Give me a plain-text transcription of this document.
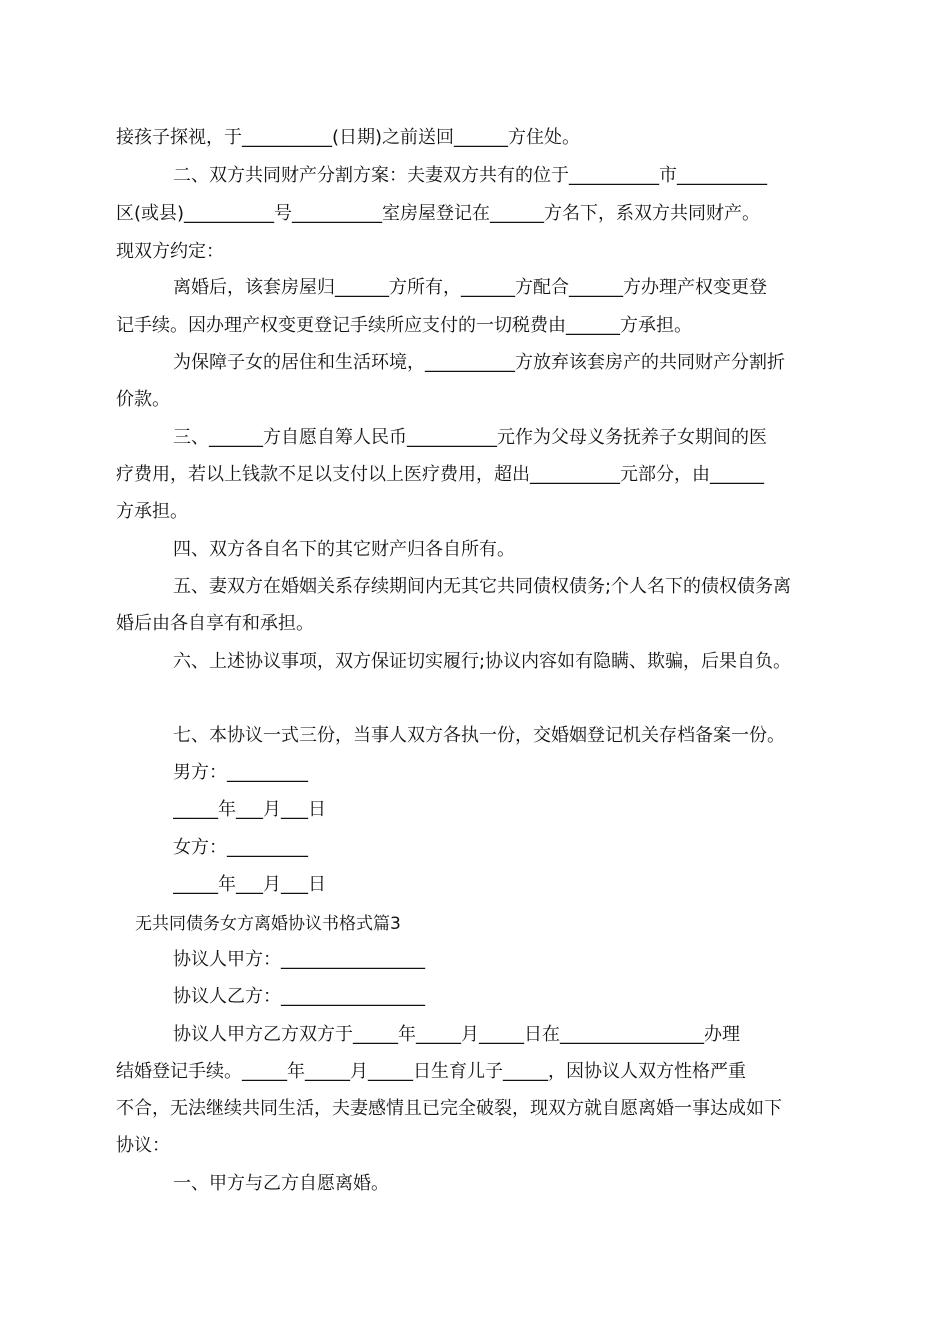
接孩子探视，于__________(日期)之前送回______方住处。
二、双方共同财产分割方案：夫妻双方共有的位于__________市__________
区(或县)__________号__________室房屋登记在______方名下，系双方共同财产。
现双方约定：
离婚后，该套房屋归______方所有，______方配合______方办理产权变更登
记手续。因办理产权变更登记手续所应支付的一切税费由______方承担。
为保障子女的居住和生活环境，__________方放弃该套房产的共同财产分割折
价款。
三、______方自愿自筹人民币__________元作为父母义务抚养子女期间的医
疗费用，若以上钱款不足以支付以上医疗费用，超出__________元部分，由______
方承担。
四、双方各自名下的其它财产归各自所有。
五、妻双方在婚姻关系存续期间内无其它共同债权债务;个人名下的债权债务离
婚后由各自享有和承担。
六、上述协议事项，双方保证切实履行;协议内容如有隐瞒、欺骗，后果自负。
七、本协议一式三份，当事人双方各执一份，交婚姻登记机关存档备案一份。
男方：_________
_____年___月___日
女方：_________
_____年___月___日
无共同债务女方离婚协议书格式篇3
协议人甲方：________________
协议人乙方：________________
协议人甲方乙方双方于_____年_____月_____日在________________办理
结婚登记手续。_____年_____月_____日生育儿子_____，因协议人双方性格严重
不合，无法继续共同生活，夫妻感情且已完全破裂，现双方就自愿离婚一事达成如下
协议：
一、甲方与乙方自愿离婚。
